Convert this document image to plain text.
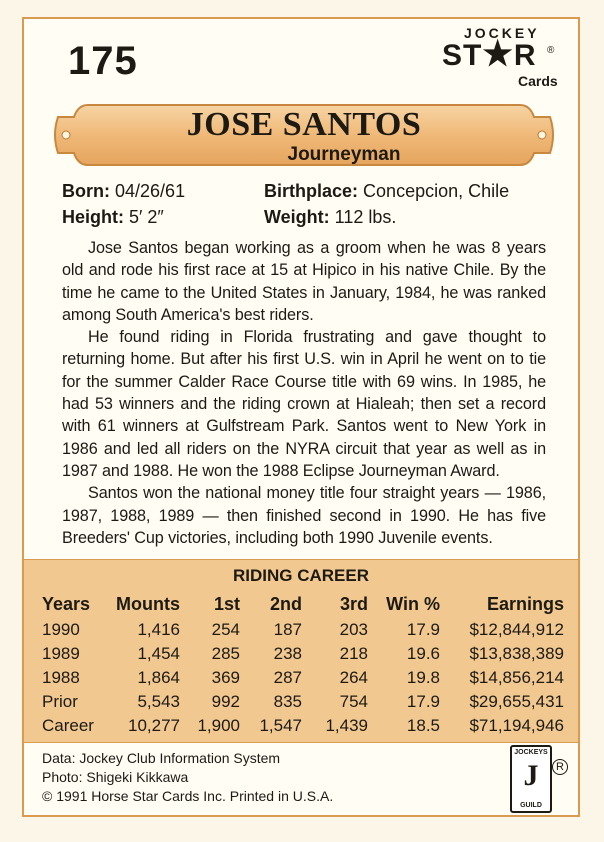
175
JOCKEY
ST★R ®
Cards
JOSE SANTOS
Journeyman
Born: 04/26/61	Birthplace: Concepcion, Chile
Height: 5′ 2″	Weight: 112 lbs.

Jose Santos began working as a groom when he was 8 years old and rode his first race at 15 at Hipico in his native Chile. By the time he came to the United States in January, 1984, he was ranked among South America's best riders.

He found riding in Florida frustrating and gave thought to returning home. But after his first U.S. win in April he went on to tie for the summer Calder Race Course title with 69 wins. In 1985, he had 53 winners and the riding crown at Hialeah; then set a record with 61 winners at Gulfstream Park. Santos went to New York in 1986 and led all riders on the NYRA circuit that year as well as in 1987 and 1988. He won the 1988 Eclipse Journeyman Award.

Santos won the national money title four straight years — 1986, 1987, 1988, 1989 — then finished second in 1990. He has five Breeders' Cup victories, including both 1990 Juvenile events.

RIDING CAREER
Years	Mounts	1st	2nd	3rd	Win %	Earnings
1990	1,416	254	187	203	17.9	$12,844,912
1989	1,454	285	238	218	19.6	$13,838,389
1988	1,864	369	287	264	19.8	$14,856,214
Prior	5,543	992	835	754	17.9	$29,655,431
Career	10,277	1,900	1,547	1,439	18.5	$71,194,946
Data: Jockey Club Information System
Photo: Shigeki Kikkawa
© 1991 Horse Star Cards Inc. Printed in U.S.A.
JOCKEYS
J
GUILD
R
